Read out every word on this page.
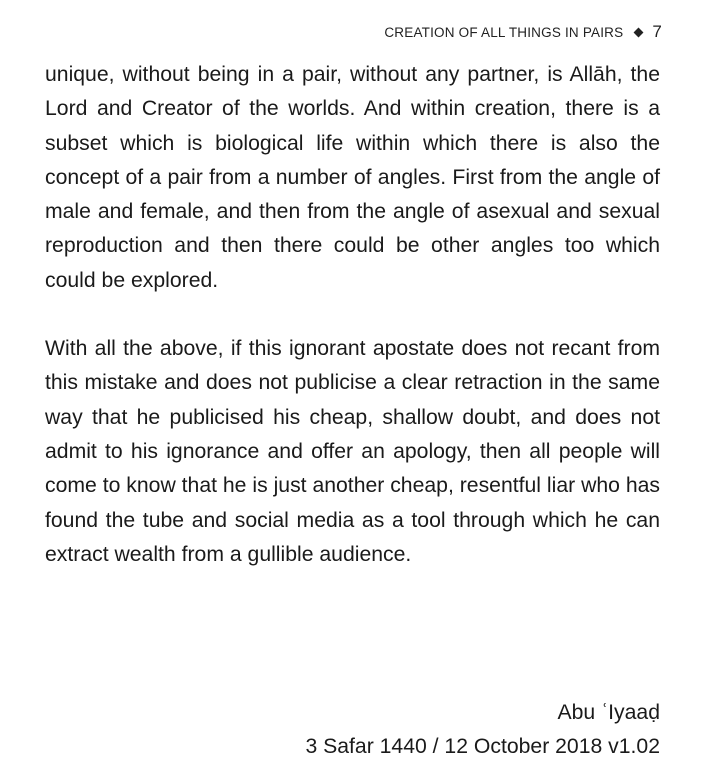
CREATION OF ALL THINGS IN PAIRS 7

unique, without being in a pair, without any partner, is Allāh, the Lord and Creator of the worlds. And within creation, there is a subset which is biological life within which there is also the concept of a pair from a number of angles. First from the angle of male and female, and then from the angle of asexual and sexual reproduction and then there could be other angles too which could be explored.

With all the above, if this ignorant apostate does not recant from this mistake and does not publicise a clear retraction in the same way that he publicised his cheap, shallow doubt, and does not admit to his ignorance and offer an apology, then all people will come to know that he is just another cheap, resentful liar who has found the tube and social media as a tool through which he can extract wealth from a gullible audience.

Abu ʿIyaaḍ
3 Safar 1440 / 12 October 2018 v1.02
